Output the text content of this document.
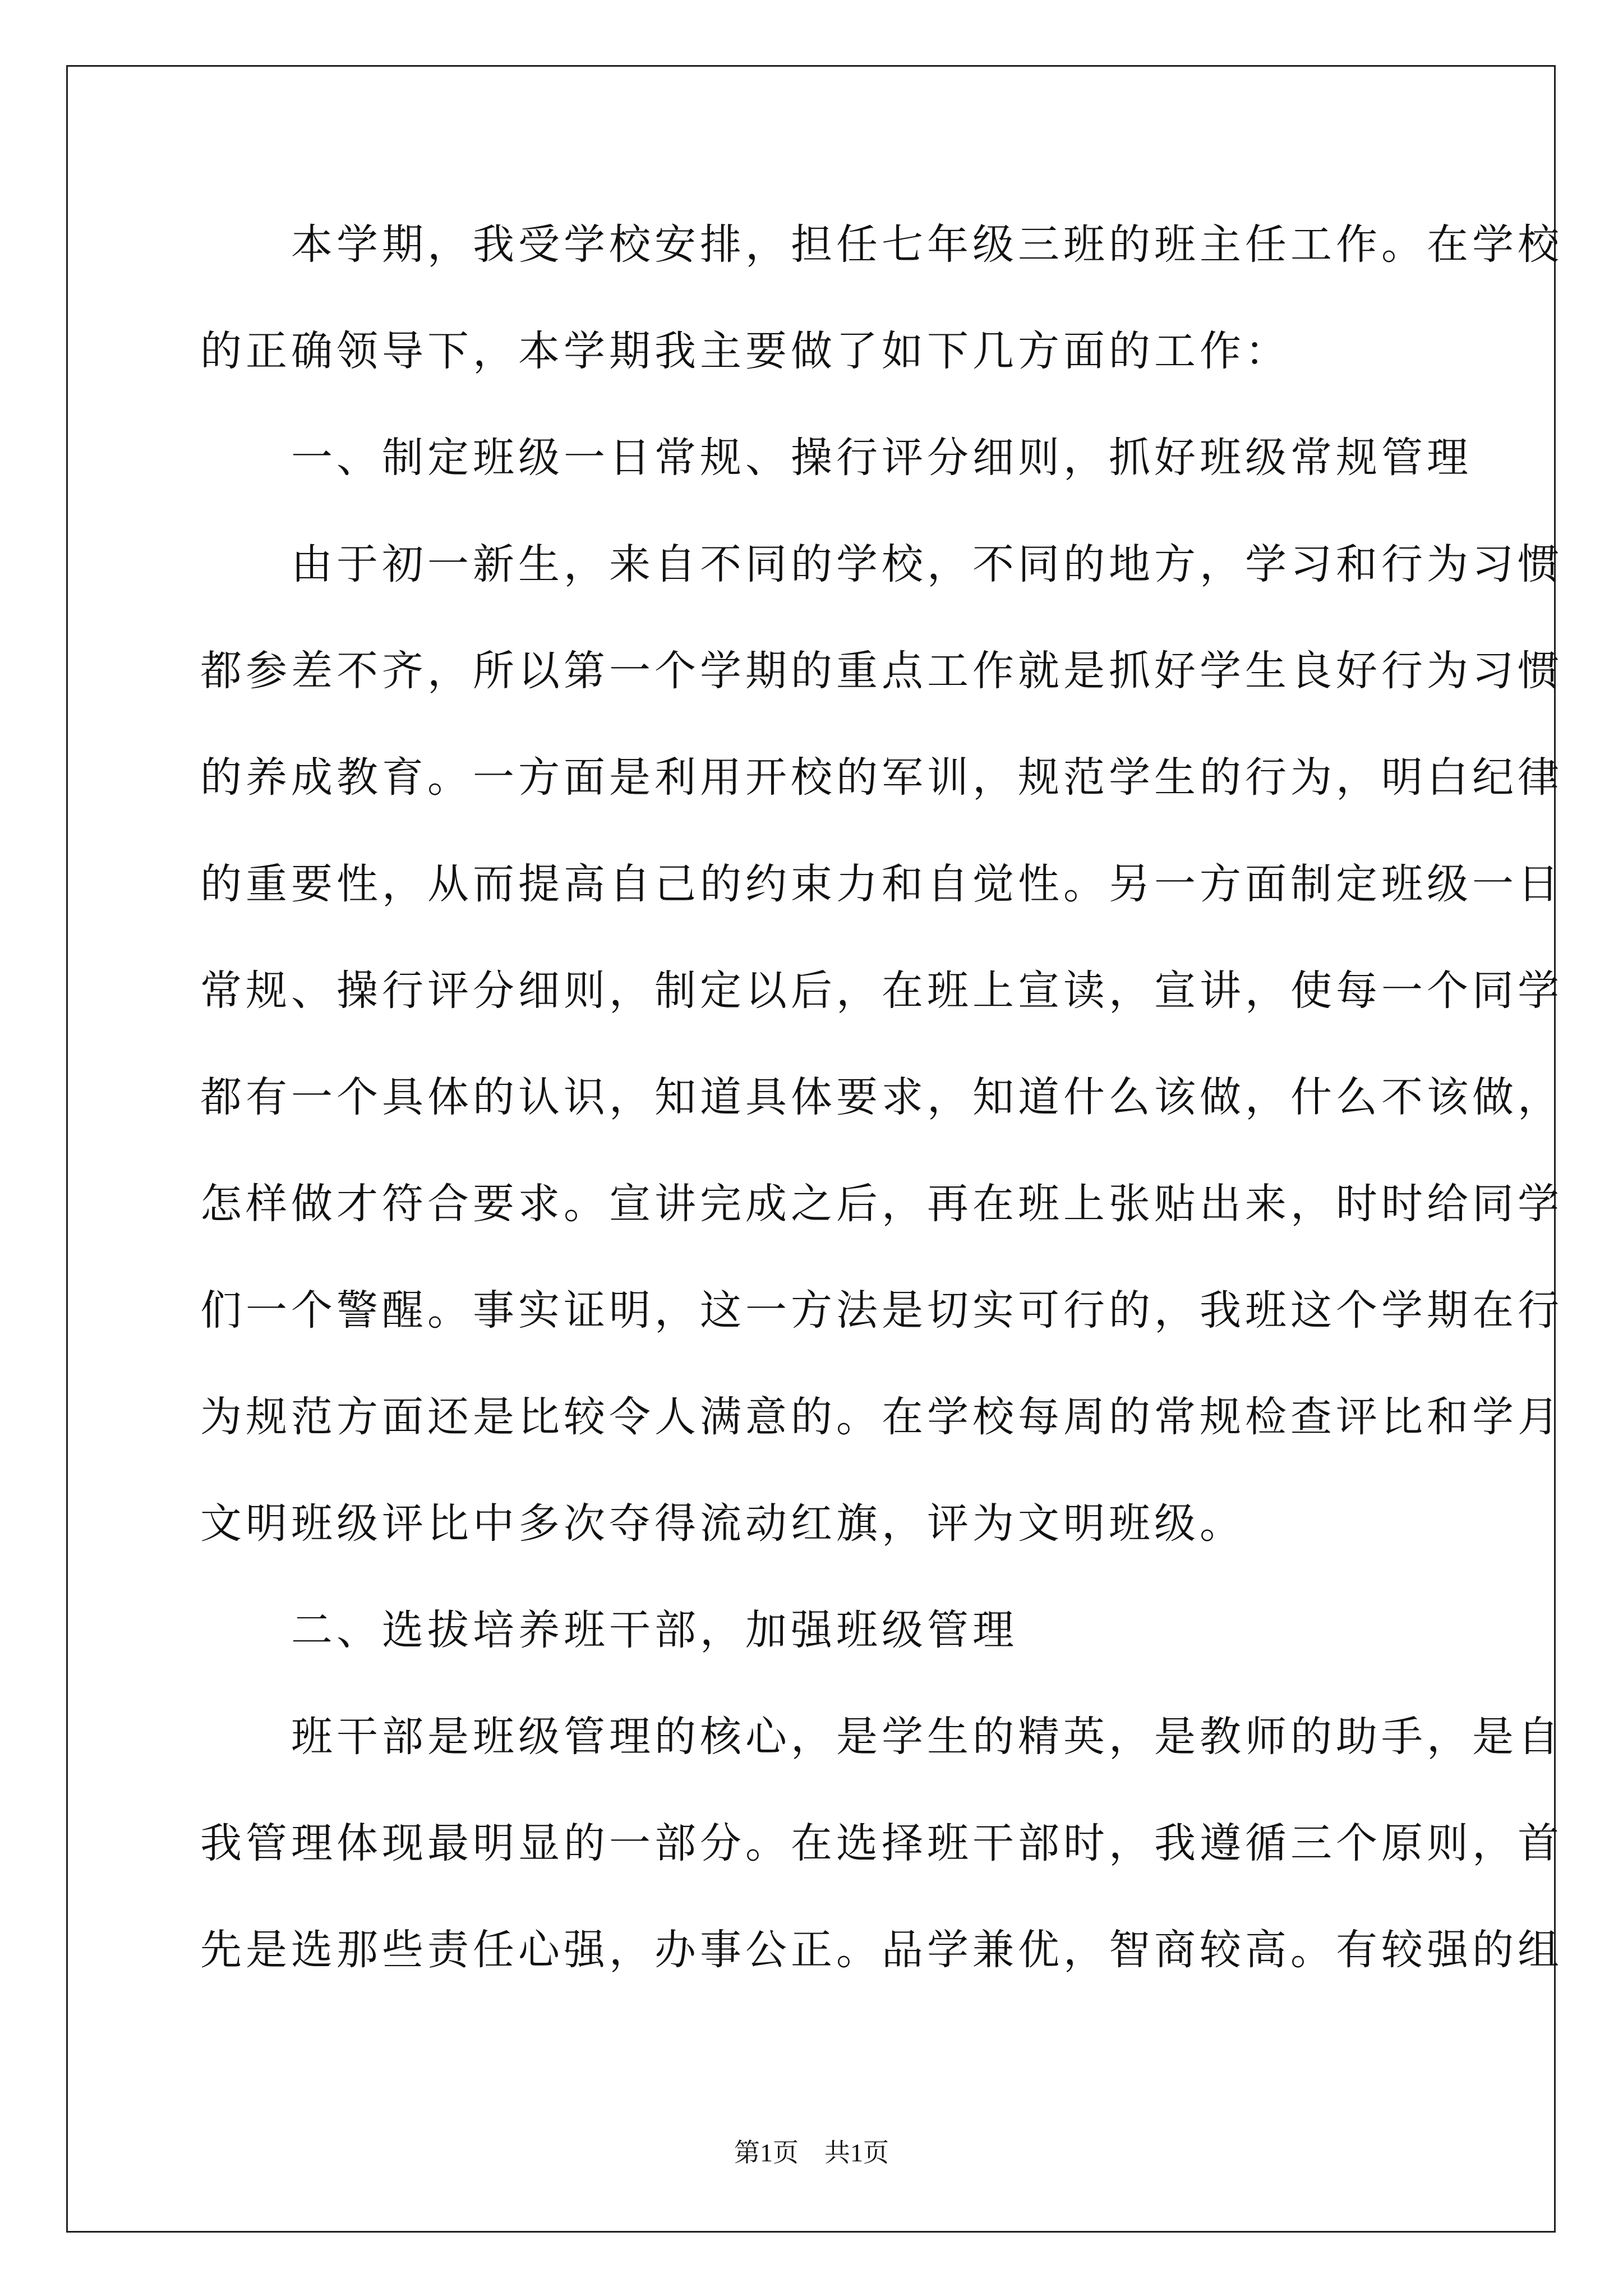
　　本学期，我受学校安排，担任七年级三班的班主任工作。在学校

的正确领导下，本学期我主要做了如下几方面的工作：

　　一、制定班级一日常规、操行评分细则，抓好班级常规管理

　　由于初一新生，来自不同的学校，不同的地方，学习和行为习惯

都参差不齐，所以第一个学期的重点工作就是抓好学生良好行为习惯

的养成教育。一方面是利用开校的军训，规范学生的行为，明白纪律

的重要性，从而提高自己的约束力和自觉性。另一方面制定班级一日

常规、操行评分细则，制定以后，在班上宣读，宣讲，使每一个同学

都有一个具体的认识，知道具体要求，知道什么该做，什么不该做，

怎样做才符合要求。宣讲完成之后，再在班上张贴出来，时时给同学

们一个警醒。事实证明，这一方法是切实可行的，我班这个学期在行

为规范方面还是比较令人满意的。在学校每周的常规检查评比和学月

文明班级评比中多次夺得流动红旗，评为文明班级。

　　二、选拔培养班干部，加强班级管理

　　班干部是班级管理的核心，是学生的精英，是教师的助手，是自

我管理体现最明显的一部分。在选择班干部时，我遵循三个原则，首

先是选那些责任心强，办事公正。品学兼优，智商较高。有较强的组

第1页　共1页
